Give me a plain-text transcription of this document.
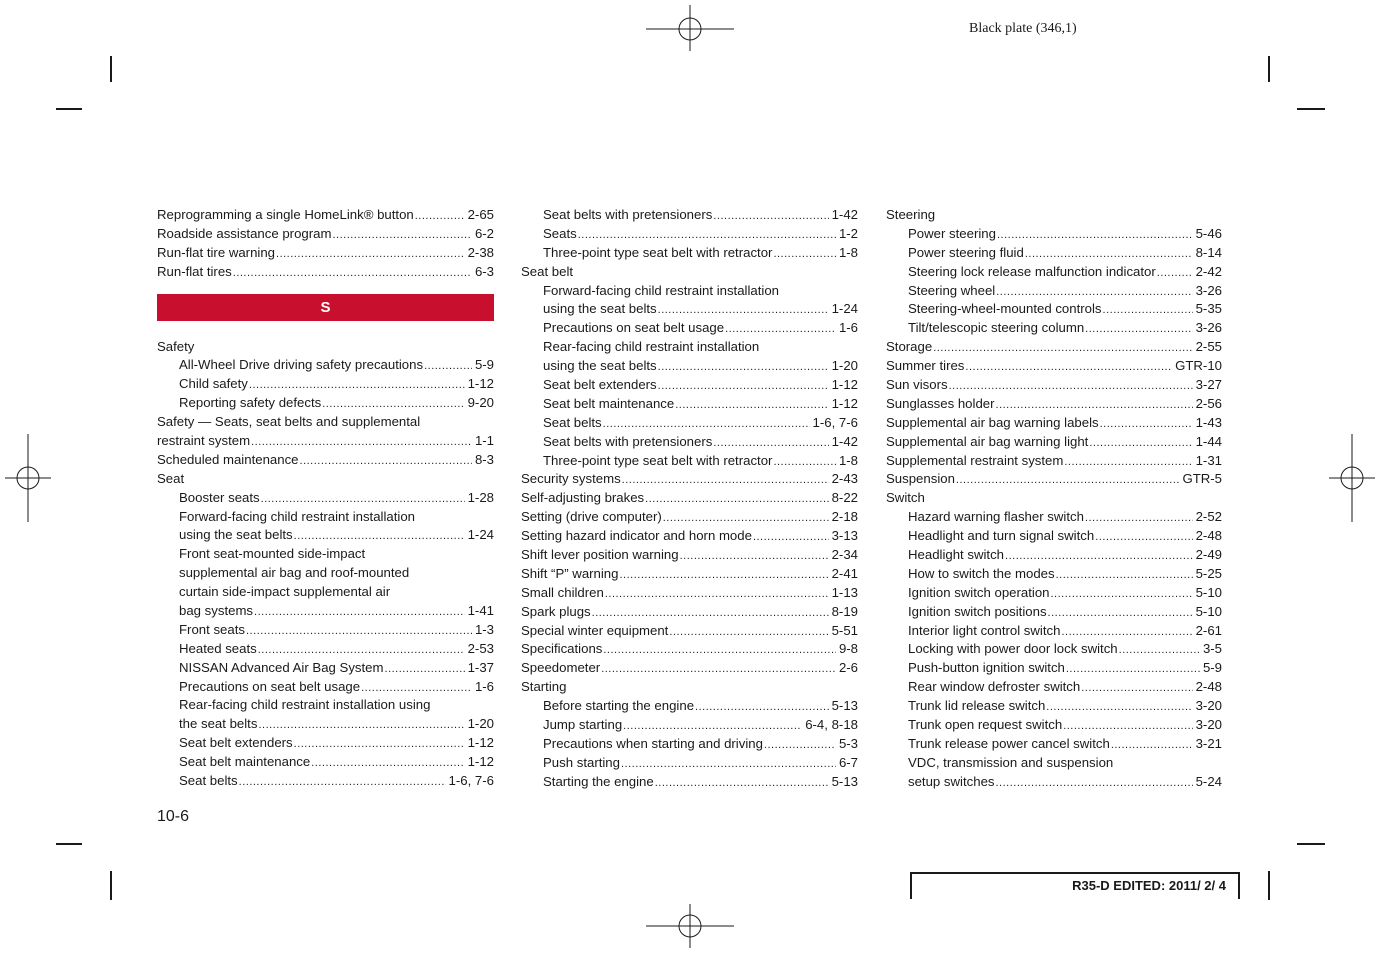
Black plate (346,1)
Reprogramming a single HomeLink® button .....	2-65
Roadside assistance program .....	6-2
Run-flat tire warning .....	2-38
Run-flat tires .....	6-3
S
Safety
All-Wheel Drive driving safety precautions .....	5-9
Child safety .....	1-12
Reporting safety defects .....	9-20
Safety — Seats, seat belts and supplemental
restraint system .....	1-1
Scheduled maintenance .....	8-3
Seat
Booster seats .....	1-28
Forward-facing child restraint installation
using the seat belts .....	1-24
Front seat-mounted side-impact
supplemental air bag and roof-mounted
curtain side-impact supplemental air
bag systems .....	1-41
Front seats .....	1-3
Heated seats .....	2-53
NISSAN Advanced Air Bag System .....	1-37
Precautions on seat belt usage .....	1-6
Rear-facing child restraint installation using
the seat belts .....	1-20
Seat belt extenders .....	1-12
Seat belt maintenance .....	1-12
Seat belts .....	1-6, 7-6
Seat belts with pretensioners .....	1-42
Seats .....	1-2
Three-point type seat belt with retractor .....	1-8
Seat belt
Forward-facing child restraint installation
using the seat belts .....	1-24
Precautions on seat belt usage .....	1-6
Rear-facing child restraint installation
using the seat belts .....	1-20
Seat belt extenders .....	1-12
Seat belt maintenance .....	1-12
Seat belts .....	1-6, 7-6
Seat belts with pretensioners .....	1-42
Three-point type seat belt with retractor .....	1-8
Security systems .....	2-43
Self-adjusting brakes .....	8-22
Setting (drive computer) .....	2-18
Setting hazard indicator and horn mode .....	3-13
Shift lever position warning .....	2-34
Shift “P” warning .....	2-41
Small children .....	1-13
Spark plugs .....	8-19
Special winter equipment .....	5-51
Specifications .....	9-8
Speedometer .....	2-6
Starting
Before starting the engine .....	5-13
Jump starting .....	6-4, 8-18
Precautions when starting and driving .....	5-3
Push starting .....	6-7
Starting the engine .....	5-13
Steering
Power steering .....	5-46
Power steering fluid .....	8-14
Steering lock release malfunction indicator .....	2-42
Steering wheel .....	3-26
Steering-wheel-mounted controls .....	5-35
Tilt/telescopic steering column .....	3-26
Storage .....	2-55
Summer tires .....	GTR-10
Sun visors .....	3-27
Sunglasses holder .....	2-56
Supplemental air bag warning labels .....	1-43
Supplemental air bag warning light .....	1-44
Supplemental restraint system .....	1-31
Suspension .....	GTR-5
Switch
Hazard warning flasher switch .....	2-52
Headlight and turn signal switch .....	2-48
Headlight switch .....	2-49
How to switch the modes .....	5-25
Ignition switch operation .....	5-10
Ignition switch positions .....	5-10
Interior light control switch .....	2-61
Locking with power door lock switch .....	3-5
Push-button ignition switch .....	5-9
Rear window defroster switch .....	2-48
Trunk lid release switch .....	3-20
Trunk open request switch .....	3-20
Trunk release power cancel switch .....	3-21
VDC, transmission and suspension
setup switches .....	5-24
10-6
R35-D EDITED: 2011/ 2/ 4
